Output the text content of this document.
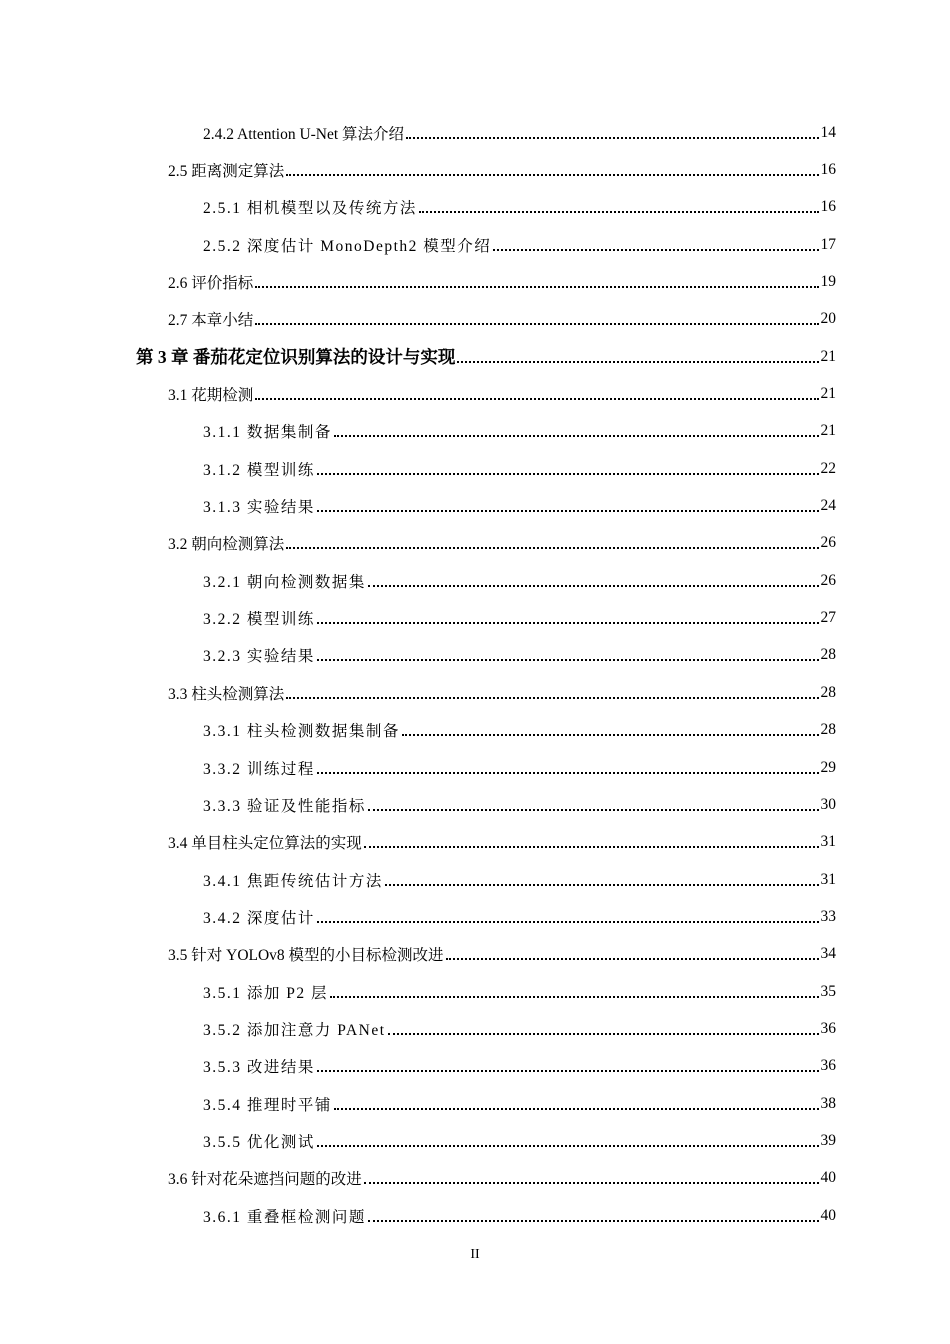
2.4.2 Attention U-Net 算法介绍	14
2.5 距离测定算法	16
2.5.1 相机模型以及传统方法	16
2.5.2 深度估计 MonoDepth2 模型介绍	17
2.6 评价指标	19
2.7 本章小结	20
第 3 章 番茄花定位识别算法的设计与实现	21
3.1 花期检测	21
3.1.1 数据集制备	21
3.1.2 模型训练	22
3.1.3 实验结果	24
3.2 朝向检测算法	26
3.2.1 朝向检测数据集	26
3.2.2 模型训练	27
3.2.3 实验结果	28
3.3 柱头检测算法	28
3.3.1 柱头检测数据集制备	28
3.3.2 训练过程	29
3.3.3 验证及性能指标	30
3.4 单目柱头定位算法的实现	31
3.4.1 焦距传统估计方法	31
3.4.2 深度估计	33
3.5 针对 YOLOv8 模型的小目标检测改进	34
3.5.1 添加 P2 层	35
3.5.2 添加注意力 PANet	36
3.5.3 改进结果	36
3.5.4 推理时平铺	38
3.5.5 优化测试	39
3.6 针对花朵遮挡问题的改进	40
3.6.1 重叠框检测问题	40
II
